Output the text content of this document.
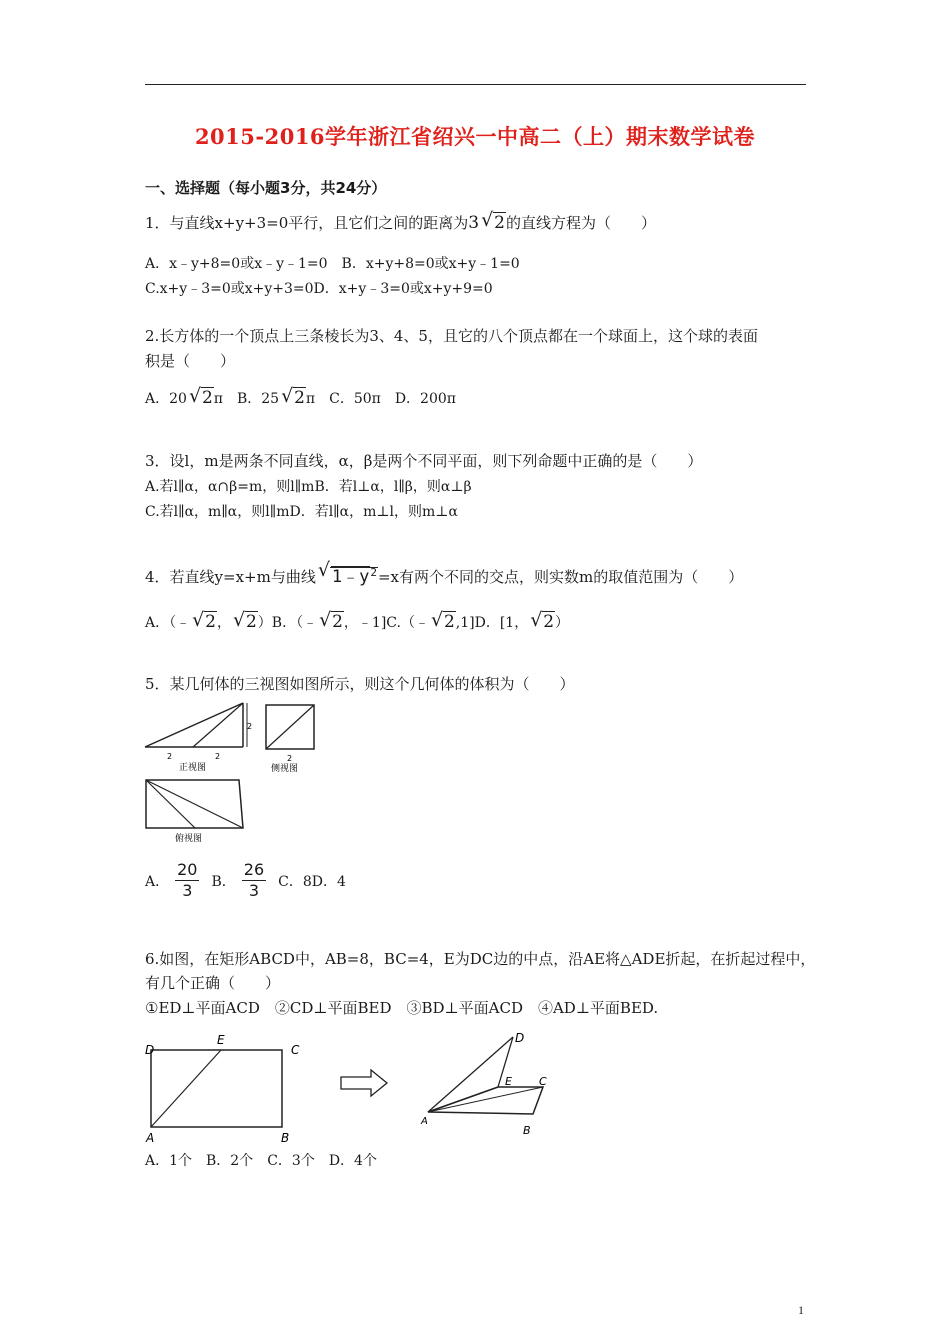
2015-2016学年浙江省绍兴一中高二（上）期末数学试卷
一、选择题（每小题3分，共24分）
1．与直线x+y+3=0平行，且它们之间的距离为3 √ 2的直线方程为（　　）
A．x﹣y+8=0或x﹣y﹣1=0　B．x+y+8=0或x+y﹣1=0
C.x+y﹣3=0或x+y+3=0D．x+y﹣3=0或x+y+9=0
2.长方体的一个顶点上三条棱长为3、4、5，且它的八个顶点都在一个球面上，这个球的表面
积是（　　）
A．20 √ 2π　B．25 √ 2π　C．50π　D．200π
3．设l，m是两条不同直线，α，β是两个不同平面，则下列命题中正确的是（　　）
A.若l∥α，α∩β=m，则l∥mB．若l⊥α，l∥β，则α⊥β
C.若l∥α，m∥α，则l∥mD．若l∥α，m⊥l，则m⊥α
4．若直线y=x+m与曲线 √ $1﹣y^2=x$有两个不同的交点，则实数m的取值范围为（　　）
A．（﹣ √ 2， √ 2）B．（﹣ √ 2，﹣1]C.（﹣ √ 2,1]D．[1， √ 2）
5．某几何体的三视图如图所示，则这个几何体的体积为（　　）
2
2	2
正视图
2
侧视图
俯视图
A． $\frac{20}{3}$ B． $\frac{26}{3}$ C．8D．4
6.如图，在矩形ABCD中，AB=8，BC=4，E为DC边的中点，沿AE将△ADE折起，在折起过程中，
有几个正确（　　）
①ED⊥平面ACD　②CD⊥平面BED　③BD⊥平面ACD　④AD⊥平面BED.
D
E
C
A	B
D
E C
A
B
A．1个　B．2个　C．3个　D．4个
1
